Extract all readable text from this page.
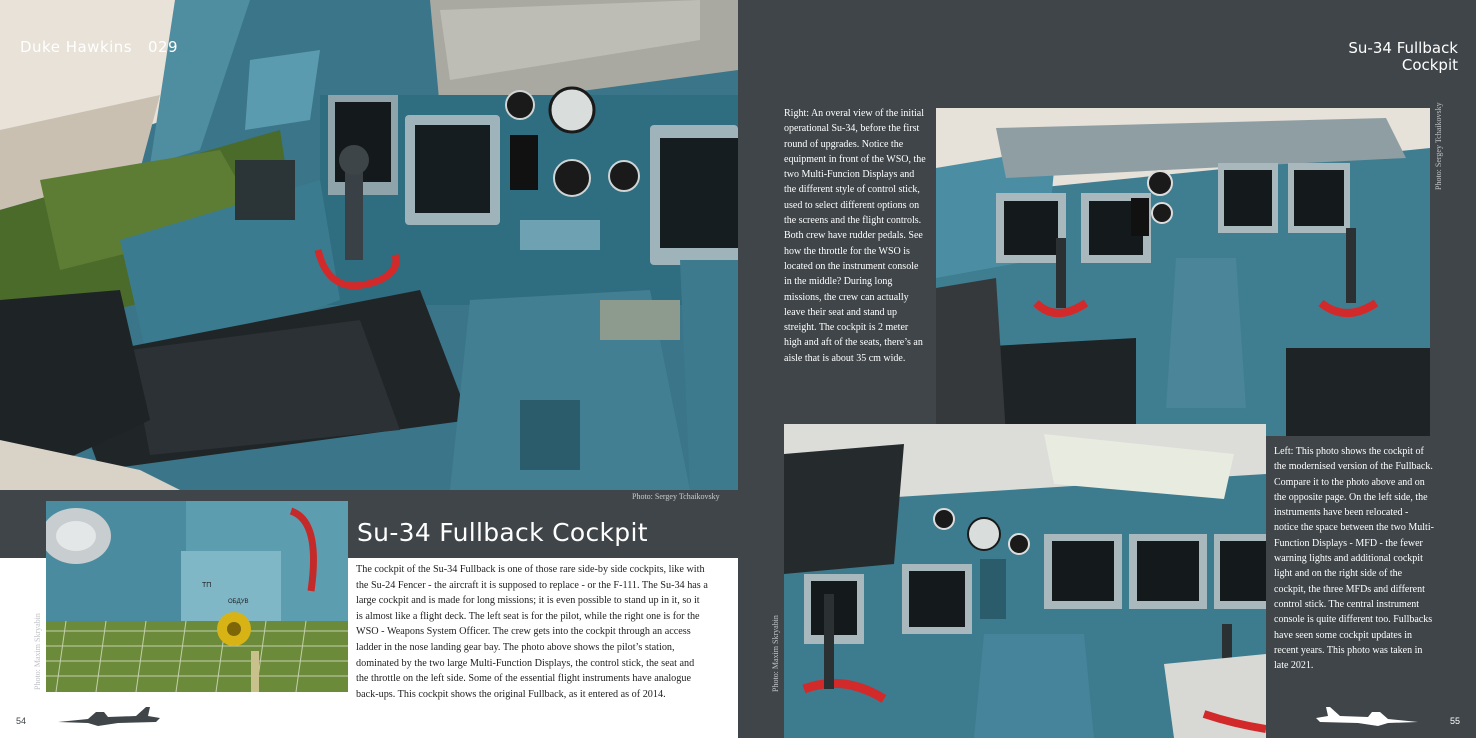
Photo: Sergey Tchaikovsky
ТП
ОБДУВ
Photo: Maxim Skryabin
Duke Hawkins 029
Su-34 Fullback Cockpit
The cockpit of the Su-34 Fullback is one of those rare side-by side cockpits, like with the Su-24 Fencer - the aircraft it is supposed to replace - or the F-111. The Su-34 has a large cockpit and is made for long missions; it is even possible to stand up in it, so it is almost like a flight deck. The left seat is for the pilot, while the right one is for the WSO - Weapons System Officer. The crew gets into the cockpit through an access ladder in the nose landing gear bay. The photo above shows the pilot’s station, dominated by the two large Multi-Function Displays, the control stick, the seat and the throttle on the left side. Some of the essential flight instruments have analogue back-ups. This cockpit shows the original Fullback, as it entered as of 2014.
54
Su-34 Fullback
Cockpit
Photo: Sergey Tchaikovsky
Right: An overal view of the initial operational Su-34, before the first round of upgrades. Notice the equipment in front of the WSO, the two Multi-Funcion Displays and the different style of control stick, used to select different options on the screens and the flight controls. Both crew have rudder pedals. See how the throttle for the WSO is located on the instrument console in the middle? During long missions, the crew can actually leave their seat and stand up streight. The cockpit is 2 meter high and aft of the seats, there’s an aisle that is about 35 cm wide.
Photo: Maxim Skryabin
Left: This photo shows the cockpit of the modernised version of the Fullback. Compare it to the photo above and on the opposite page. On the left side, the instruments have been relocated - notice the space between the two Multi-Function Displays - MFD - the fewer warning lights and additional cockpit light and on the right side of the cockpit, the three MFDs and different control stick. The central instrument console is quite different too. Fullbacks have seen some cockpit updates in recent years. This photo was taken in late 2021.
55
